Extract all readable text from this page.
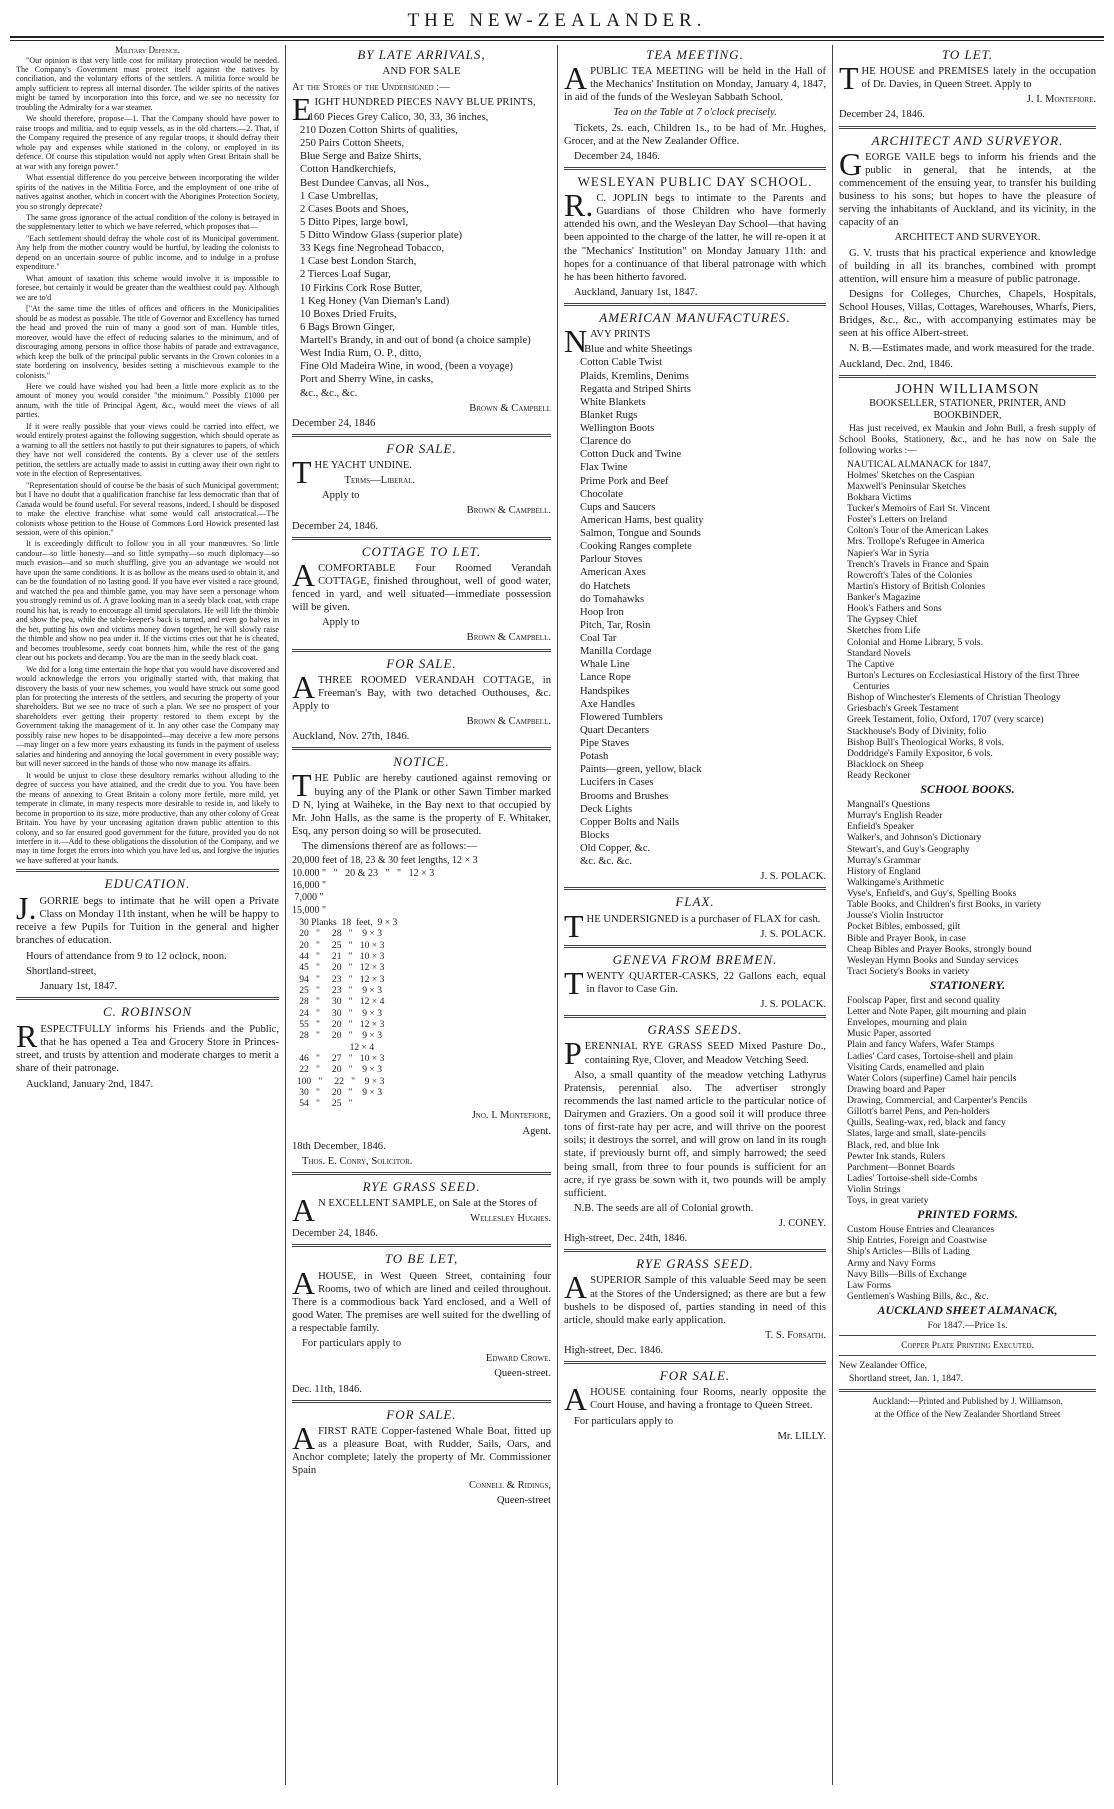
THE NEW-ZEALANDER.
Military Defence.

"Our opinion is that very little cost for military protection would be needed. The Company's Government must protect itself against the natives by conciliation, and the voluntary efforts of the settlers. A militia force would be amply sufficient to repress all internal disorder. The wilder spirits of the natives might be tamed by incorporation into this force, and we see no necessity for troubling the Admiralty for a war steamer.

We should therefore, propose—1. That the Company should have power to raise troops and militia, and to equip vessels, as in the old charters.—2. That, if the Company required the presence of any regular troops, it should defray their whole pay and expenses while stationed in the colony, or employed in its defence. Of course this stipulation would not apply when Great Britain shall be at war with any foreign power."

What essential difference do you perceive between incorporating the wilder spirits of the natives in the Militia Force, and the employment of one tribe of natives against another, which in concert with the Aborigines Protection Society, you so strongly deprecate?

The same gross ignorance of the actual condition of the colony is betrayed in the supplementary letter to which we have referred, which proposes that—

"Each settlement should defray the whole cost of its Municipal government. Any help from the mother country would be hurtful, by leading the colonists to depend on an uncertain source of public income, and to indulge in a profuse expenditure."

What amount of taxation this scheme would involve it is impossible to foresee, but certainly it would be greater than the wealthiest could pay. Although we are to'd

["At the same time the titles of offices and officers in the Municipalities should be as modest as possible. The title of Governor and Excellency has turned the head and proved the ruin of many a good sort of man. Humble titles, moreover, would have the effect of reducing salaries to the minimum, and of discouraging among persons in office those habits of parade and extravagance, which keep the bulk of the principal public servants in the Crown colonies in a state bordering on insolvency, besides setting a mischievous example to the colonists."

Here we could have wished you had been a little more explicit as to the amount of money you would consider "the minimum." Possibly £1000 per annum, with the title of Principal Agent, &c., would meet the views of all parties.

If it were really possible that your views could be carried into effect, we would entirely protest against the following suggestion, which should operate as a warning to all the settlers not hastily to put their signatures to papers, of which they have not well considered the contents. By a clever use of the settlers petition, the settlers are actually made to assist in cutting away their own right to vote in the election of Representatives.

"Representation should of course be the basis of such Municipal government; but I have no doubt that a qualification franchise far less democratic than that of Canada would be found useful. For several reasons, indeed, I should be disposed to make the elective franchise what some would call aristocratical.—The colonists whose petition to the House of Commons Lord Howick presented last session, were of this opinion."

It is exceedingly difficult to follow you in all your manœuvres. So little candour—so little honesty—and so little sympathy—so much diplomacy—so much evasion—and so much shuffling, give you an advantage we would not have upon the same conditions. It is as hollow as the means used to obtain it, and can be the foundation of no lasting good. If you have ever visited a race ground, and watched the pea and thimble game, you may have seen a personage whom you strongly remind us of. A grave looking man in a seedy black coat, with crape round his hat, is ready to encourage all timid speculators. He will lift the thimble and show the pea, while the table-keeper's back is turned, and even go halves in the bet, putting his own and victims money down together, he will slowly raise the thimble and show no pea under it. If the victims cries out that he is cheated, and becomes troublesome, seedy coat bonnets him, while the rest of the gang clear out his pockets and decamp. You are the man in the seedy black coat.

We did for a long time entertain the hope that you would have discovered and would acknowledge the errors you originally started with, that making that discovery the basis of your new schemes, you would have struck out some good plan for protecting the interests of the settlers, and securing the property of your shareholders. But we see no trace of such a plan. We see no prospect of your shareholders ever getting their property restored to them except by the Government taking the management of it. In any other case the Company may possibly raise new hopes to be disappointed—may deceive a few more persons—may linger on a few more years exhausting its funds in the payment of useless salaries and hindering and annoying the local government in every possible way; but will never succeed in the hands of those who now manage its affairs.

It would be unjust to close these desultory remarks without alluding to the degree of success you have attained, and the credit due to you. You have been the means of annexing to Great Britain a colony more fertile, more mild, yet temperate in climate, in many respects more desirable to reside in, and likely to become in proportion to its size, more productive, than any other colony of Great Britain. You have by your unceasing agitation drawn public attention to this colony, and so far ensured good government for the future, provided you do not interfere in it.—Add to these obligations the dissolution of the Company, and we may in time forget the errors into which you have led us, and forgive the injuries we have suffered at your hands.

EDUCATION.

J.GORRIE begs to intimate that he will open a Private Class on Monday 11th instant, when he will be happy to receive a few Pupils for Tuition in the general and higher branches of education.

Hours of attendance from 9 to 12 oclock, noon.

Shortland-street,

January 1st, 1847.

C. ROBINSON

RESPECTFULLY informs his Friends and the Public, that he has opened a Tea and Grocery Store in Princes-street, and trusts by attention and moderate charges to merit a share of their patronage.

Auckland, January 2nd, 1847.

BY LATE ARRIVALS,
AND FOR SALE

At the Stores of the Undersigned :—

EIGHT HUNDRED PIECES NAVY BLUE PRINTS,

160 Pieces Grey Calico, 30, 33, 36 inches,
210 Dozen Cotton Shirts of qualities,
250 Pairs Cotton Sheets,
Blue Serge and Baize Shirts,
Cotton Handkerchiefs,
Best Dundee Canvas, all Nos.,
1 Case Umbrellas,
2 Cases Boots and Shoes,
5 Ditto Pipes, large bowl,
5 Ditto Window Glass (superior plate)
33 Kegs fine Negrohead Tobacco,
1 Case best London Starch,
2 Tierces Loaf Sugar,
10 Firkins Cork Rose Butter,
1 Keg Honey (Van Dieman's Land)
10 Boxes Dried Fruits,
6 Bags Brown Ginger,
Martell's Brandy, in and out of bond (a choice sample)
West India Rum, O. P., ditto,
Fine Old Madeira Wine, in wood, (been a voyage)
Port and Sherry Wine, in casks,
&c., &c., &c.

Brown & Campbell

December 24, 1846

FOR SALE.

THE YACHT UNDINE.

Terms—Liberal.

Apply to

Brown & Campbell.

December 24, 1846.

COTTAGE TO LET.

ACOMFORTABLE Four Roomed Verandah COTTAGE, finished throughout, well of good water, fenced in yard, and well situated—immediate possession will be given.

Apply to

Brown & Campbell.

FOR SALE.

ATHREE ROOMED VERANDAH COTTAGE, in Freeman's Bay, with two detached Outhouses, &c. Apply to

Brown & Campbell.

Auckland, Nov. 27th, 1846.

NOTICE.

THE Public are hereby cautioned against removing or buying any of the Plank or other Sawn Timber marked D N, lying at Waiheke, in the Bay next to that occupied by Mr. John Halls, as the same is the property of F. Whitaker, Esq, any person doing so will be prosecuted.

The dimensions thereof are as follows:—

20,000 feet of 18, 23 & 30 feet lengths, 12 × 3
10.000 "   "   20 & 23   "   "   12 × 3
16,000 "
7,000 "
15,000 "
30 Planks  18  feet,  9 × 3
20   "     28   "    9 × 3
20   "     25   "   10 × 3
44   "     21   "   10 × 3
45   "     20   "   12 × 3
94   "     23   "   12 × 3
25   "     23   "    9 × 3
28   "     30   "   12 × 4
24   "     30   "    9 × 3
55   "     20   "   12 × 3
28   "     20   "    9 × 3
12 × 4
46   "     27   "   10 × 3
22   "     20   "    9 × 3
100   "     22   "    9 × 3
30   "     20   "    9 × 3
54   "     25   "

Jno. I. Montefiore,

Agent.

18th December, 1846.

Thos. E. Conry, Solicitor.

RYE GRASS SEED.

AN EXCELLENT SAMPLE, on Sale at the Stores of

Wellesley Hughes.

December 24, 1846.

TO BE LET,

AHOUSE, in West Queen Street, containing four Rooms, two of which are lined and ceiled throughout. There is a commodious back Yard enclosed, and a Well of good Water. The premises are well suited for the dwelling of a respectable family.

For particulars apply to

Edward Crowe.

Queen-street.

Dec. 11th, 1846.

FOR SALE.

AFIRST RATE Copper-fastened Whale Boat, fitted up as a pleasure Boat, with Rudder, Sails, Oars, and Anchor complete; lately the property of Mr. Commissioner Spain

Connell & Ridings,

Queen-street

TEA MEETING.

APUBLIC TEA MEETING will be held in the Hall of the Mechanics' Institution on Monday, January 4, 1847, in aid of the funds of the Wesleyan Sabbath School.

Tea on the Table at 7 o'clock precisely.

Tickets, 2s. each, Children 1s., to be had of Mr. Hughes, Grocer, and at the New Zealander Office.

December 24, 1846.

WESLEYAN PUBLIC DAY SCHOOL.

R.C. JOPLIN begs to intimate to the Parents and Guardians of those Children who have formerly attended his own, and the Wesleyan Day School—that having been appointed to the charge of the latter, he will re-open it at the "Mechanics' Institution" on Monday January 11th: and hopes for a continuance of that liberal patronage with which he has been hitherto favored.

Auckland, January 1st, 1847.

AMERICAN MANUFACTURES.

NAVY PRINTS

Blue and white Sheetings
Cotton Cable Twist
Plaids, Kremlins, Denims
Regatta and Striped Shirts
White Blankets
Blanket Rugs
Wellington Boots
Clarence do
Cotton Duck and Twine
Flax Twine
Prime Pork and Beef
Chocolate
Cups and Saucers
American Hams, best quality
Salmon, Tongue and Sounds
Cooking Ranges complete
Parlour Stoves
American Axes
do Hatchets
do Tomahawks
Hoop Iron
Pitch, Tar, Rosin
Coal Tar
Manilla Cordage
Whale Line
Lance Rope
Handspikes
Axe Handles
Flowered Tumblers
Quart Decanters
Pipe Staves
Potash
Paints—green, yellow, black
Lucifers in Cases
Brooms and Brushes
Deck Lights
Copper Bolts and Nails
Blocks
Old Copper, &c.
&c. &c. &c.

J. S. POLACK.

FLAX.

THE UNDERSIGNED is a purchaser of FLAX for cash.

J. S. POLACK.

GENEVA FROM BREMEN.

TWENTY QUARTER-CASKS, 22 Gallons each, equal in flavor to Case Gin.

J. S. POLACK.

GRASS SEEDS.

PERENNIAL RYE GRASS SEED Mixed Pasture Do., containing Rye, Clover, and Meadow Vetching Seed.

Also, a small quantity of the meadow vetching Lathyrus Pratensis, perennial also. The advertiser strongly recommends the last named article to the particular notice of Dairymen and Graziers. On a good soil it will produce three tons of first-rate hay per acre, and will thrive on the poorest soils; it destroys the sorrel, and will grow on land in its rough state, if previously burnt off, and simply harrowed; the seed being small, from three to four pounds is sufficient for an acre, if rye grass be sown with it, two pounds will be amply sufficient.

N.B. The seeds are all of Colonial growth.

J. CONEY.

High-street, Dec. 24th, 1846.

RYE GRASS SEED.

ASUPERIOR Sample of this valuable Seed may be seen at the Stores of the Undersigned; as there are but a few bushels to be disposed of, parties standing in need of this article, should make early application.

T. S. Forsaith.

High-street, Dec. 1846.

FOR SALE.

AHOUSE containing four Rooms, nearly opposite the Court House, and having a frontage to Queen Street.

For particulars apply to

Mr. LILLY.

TO LET.

THE HOUSE and PREMISES lately in the occupation of Dr. Davies, in Queen Street. Apply to

J. I. Montefiore.

December 24, 1846.

ARCHITECT AND SURVEYOR.

GEORGE VAILE begs to inform his friends and the public in general, that he intends, at the commencement of the ensuing year, to transfer his building business to his sons; but hopes to have the pleasure of serving the inhabitants of Auckland, and its vicinity, in the capacity of an

ARCHITECT AND SURVEYOR.

G. V. trusts that his practical experience and knowledge of building in all its branches, combined with prompt attention, will ensure him a measure of public patronage.

Designs for Colleges, Churches, Chapels, Hospitals, School Houses, Villas, Cottages, Warehouses, Wharfs, Piers, Bridges, &c., &c., with accompanying estimates may be seen at his office Albert-street.

N. B.—Estimates made, and work measured for the trade.

Auckland, Dec. 2nd, 1846.

JOHN WILLIAMSON

BOOKSELLER, STATIONER, PRINTER, AND BOOKBINDER,

Has just received, ex Maukin and John Bull, a fresh supply of School Books, Stationery, &c., and he has now on Sale the following works :—

NAUTICAL ALMANACK for 1847,
Holmes' Sketches on the Caspian
Maxwell's Peninsular Sketches
Bokhara Victims
Tucker's Memoirs of Earl St. Vincent
Foster's Letters on Ireland
Colton's Tour of the American Lakes
Mrs. Trollope's Refugee in America
Napier's War in Syria
Trench's Travels in France and Spain
Rowcroft's Tales of the Colonies
Martin's History of British Colonies
Banker's Magazine
Hook's Fathers and Sons
The Gypsey Chief
Sketches from Life
Colonial and Home Library, 5 vols.
Standard Novels
The Captive
Burton's Lectures on Ecclesiastical History of the first Three Centuries
Bishop of Winchester's Elements of Christian Theology
Griesbach's Greek Testament
Greek Testament, folio, Oxford, 1707 (very scarce)
Stackhouse's Body of Divinity, folio
Bishop Bull's Theological Works, 8 vols.
Doddridge's Family Expositor, 6 vols.
Blacklock on Sheep
Ready Reckoner
SCHOOL BOOKS.
Mangnall's Questions
Murray's English Reader
Enfield's Speaker
Walker's, and Johnson's Dictionary
Stewart's, and Guy's Geography
Murray's Grammar
History of England
Walkingame's Arithmetic
Vyse's, Enfield's, and Guy's, Spelling Books
Table Books, and Children's first Books, in variety
Jousse's Violin Instructor
Pocket Bibles, embossed, gilt
Bible and Prayer Book, in case
Cheap Bibles and Prayer Books, strongly bound
Wesleyan Hymn Books and Sunday services
Tract Society's Books in variety
STATIONERY.
Foolscap Paper, first and second quality
Letter and Note Paper, gilt mourning and plain
Envelopes, mourning and plain
Music Paper, assorted
Plain and fancy Wafers, Wafer Stamps
Ladies' Card cases, Tortoise-shell and plain
Visiting Cards, enamelled and plain
Water Colors (superfine) Camel hair pencils
Drawing board and Paper
Drawing, Commercial, and Carpenter's Pencils
Gillott's barrel Pens, and Pen-holders
Quills, Sealing-wax, red, black and fancy
Slates, large and small, slate-pencils
Black, red, and blue Ink
Pewter Ink stands, Rulers
Parchment—Bonnet Boards
Ladies' Tortoise-shell side-Combs
Violin Strings
Toys, in great variety
PRINTED FORMS.
Custom House Entries and Clearances
Ship Entries, Foreign and Coastwise
Ship's Articles—Bills of Lading
Army and Navy Forms
Navy Bills—Bills of Exchange
Law Forms
Gentlemen's Washing Bills, &c., &c.
AUCKLAND SHEET ALMANACK,

For 1847.—Price 1s.

Copper Plate Printing Executed.

New Zealander Office,

Shortland street, Jan. 1, 1847.

Auckland:—Printed and Published by J. Williamson,

at the Office of the New Zealander Shortland Street
